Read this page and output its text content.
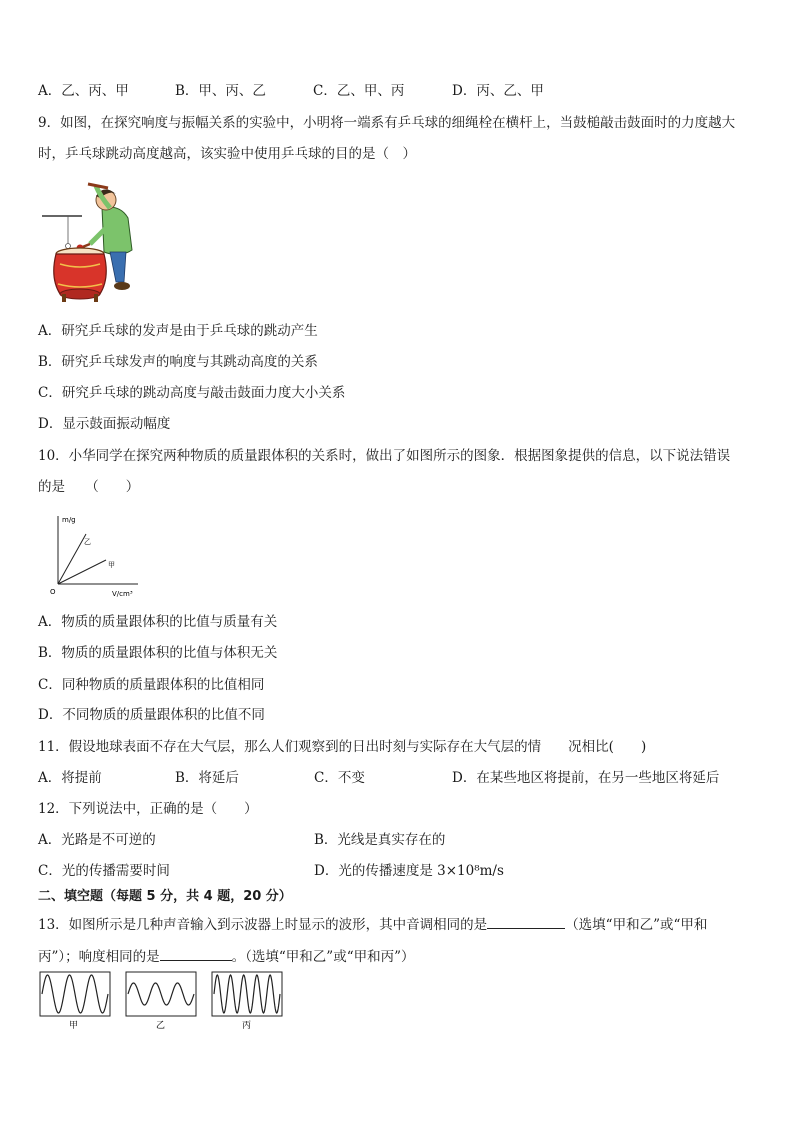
A．乙、丙、甲	B．甲、丙、乙	C．乙、甲、丙	D．丙、乙、甲
9．如图，在探究响度与振幅关系的实验中，小明将一端系有乒乓球的细绳栓在横杆上，当鼓槌敲击鼓面时的力度越大
时，乒乓球跳动高度越高，该实验中使用乒乓球的目的是（　）
A．研究乒乓球的发声是由于乒乓球的跳动产生
B．研究乒乓球发声的响度与其跳动高度的关系
C．研究乒乓球的跳动高度与敲击鼓面力度大小关系
D．显示鼓面振动幅度
10．小华同学在探究两种物质的质量跟体积的关系时，做出了如图所示的图象．根据图象提供的信息，以下说法错误
的是　　（　　）
m/g
V/cm³
O
乙
甲
A．物质的质量跟体积的比值与质量有关
B．物质的质量跟体积的比值与体积无关
C．同种物质的质量跟体积的比值相同
D．不同物质的质量跟体积的比值不同
11．假设地球表面不存在大气层，那么人们观察到的日出时刻与实际存在大气层的情　　况相比(　　)
A．将提前	B．将延后	C．不变	D．在某些地区将提前，在另一些地区将延后
12．下列说法中，正确的是（　　）
A．光路是不可逆的	B．光线是真实存在的
C．光的传播需要时间	D．光的传播速度是 3×10⁸m/s
二、填空题（每题 5 分，共 4 题，20 分）
13．如图所示是几种声音输入到示波器上时显示的波形，其中音调相同的是	（选填“甲和乙”或“甲和
丙”）；响度相同的是	。（选填“甲和乙”或“甲和丙”）
甲	乙	丙
